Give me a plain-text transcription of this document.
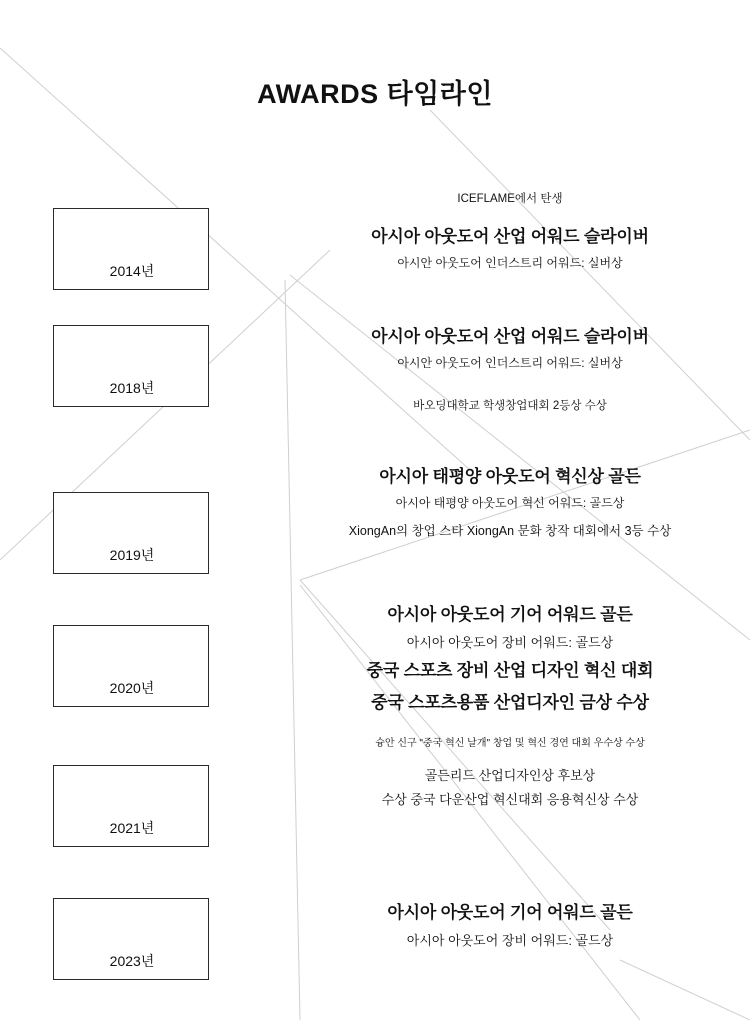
AWARDS 타임라인
2014년

ICEFLAME에서 탄생

아시아 아웃도어 산업 어워드 슬라이버

아시안 아웃도어 인더스트리 어워드: 실버상

2018년

아시아 아웃도어 산업 어워드 슬라이버

아시안 아웃도어 인더스트리 어워드: 실버상

바오딩대학교 학생창업대회 2등상 수상

2019년

아시아 태평양 아웃도어 혁신상 골든

아시아 태평양 아웃도어 혁신 어워드: 골드상

XiongAn의 창업 스타 XiongAn 문화 창작 대회에서 3등 수상

2020년

아시아 아웃도어 기어 어워드 골든

아시아 아웃도어 장비 어워드: 골드상

중국 스포츠 장비 산업 디자인 혁신 대회

중국 스포츠용품 산업디자인 금상 수상

슝안 신구 "중국 혁신 날개" 창업 및 혁신 경연 대회 우수상 수상

2021년

골든리드 산업디자인상 후보상

수상 중국 다운산업 혁신대회 응용혁신상 수상

2023년

아시아 아웃도어 기어 어워드 골든

아시아 아웃도어 장비 어워드: 골드상
